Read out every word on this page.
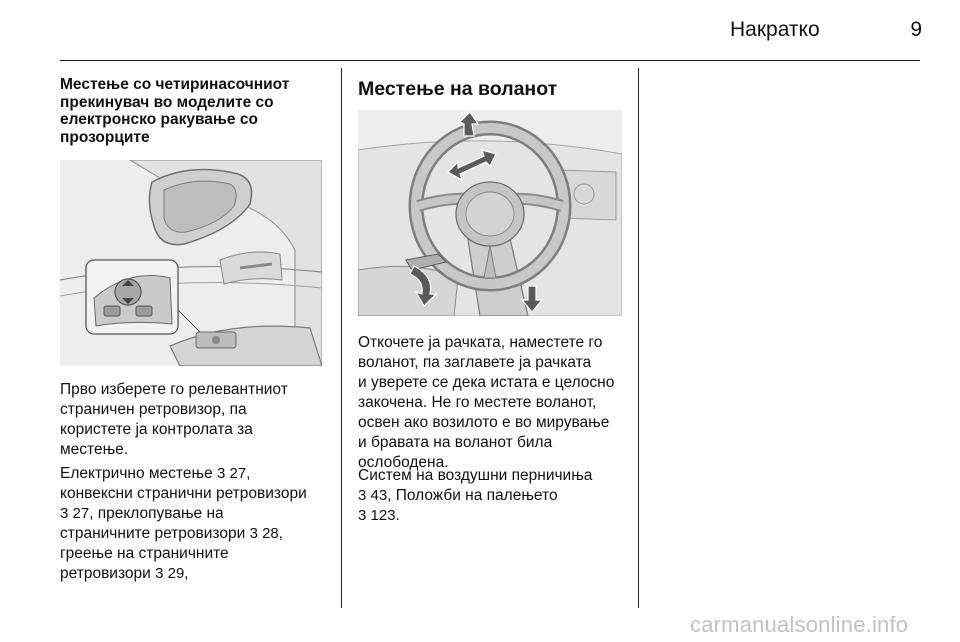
Накратко	9
Местење со четиринасочниот
прекинувач во моделите со
електронско ракување со
прозорците
Прво изберете го релевантниот
страничен ретровизор, па
користете ја контролата за
местење.
Електрично местење 3 27,
конвексни странични ретровизори
3 27, преклопување на
страничните ретровизори 3 28,
греење на страничните
ретровизори 3 29,
Местење на воланот
Откочете ја рачката, наместете го
воланот, па заглавете ја рачката
и уверете се дека истата е целосно
закочена. Не го местете воланот,
освен ако возилото е во мирување
и бравата на воланот била
ослободена.
Систем на воздушни перничиња
3 43, Положби на палењето
3 123.
carmanualsonline.info
